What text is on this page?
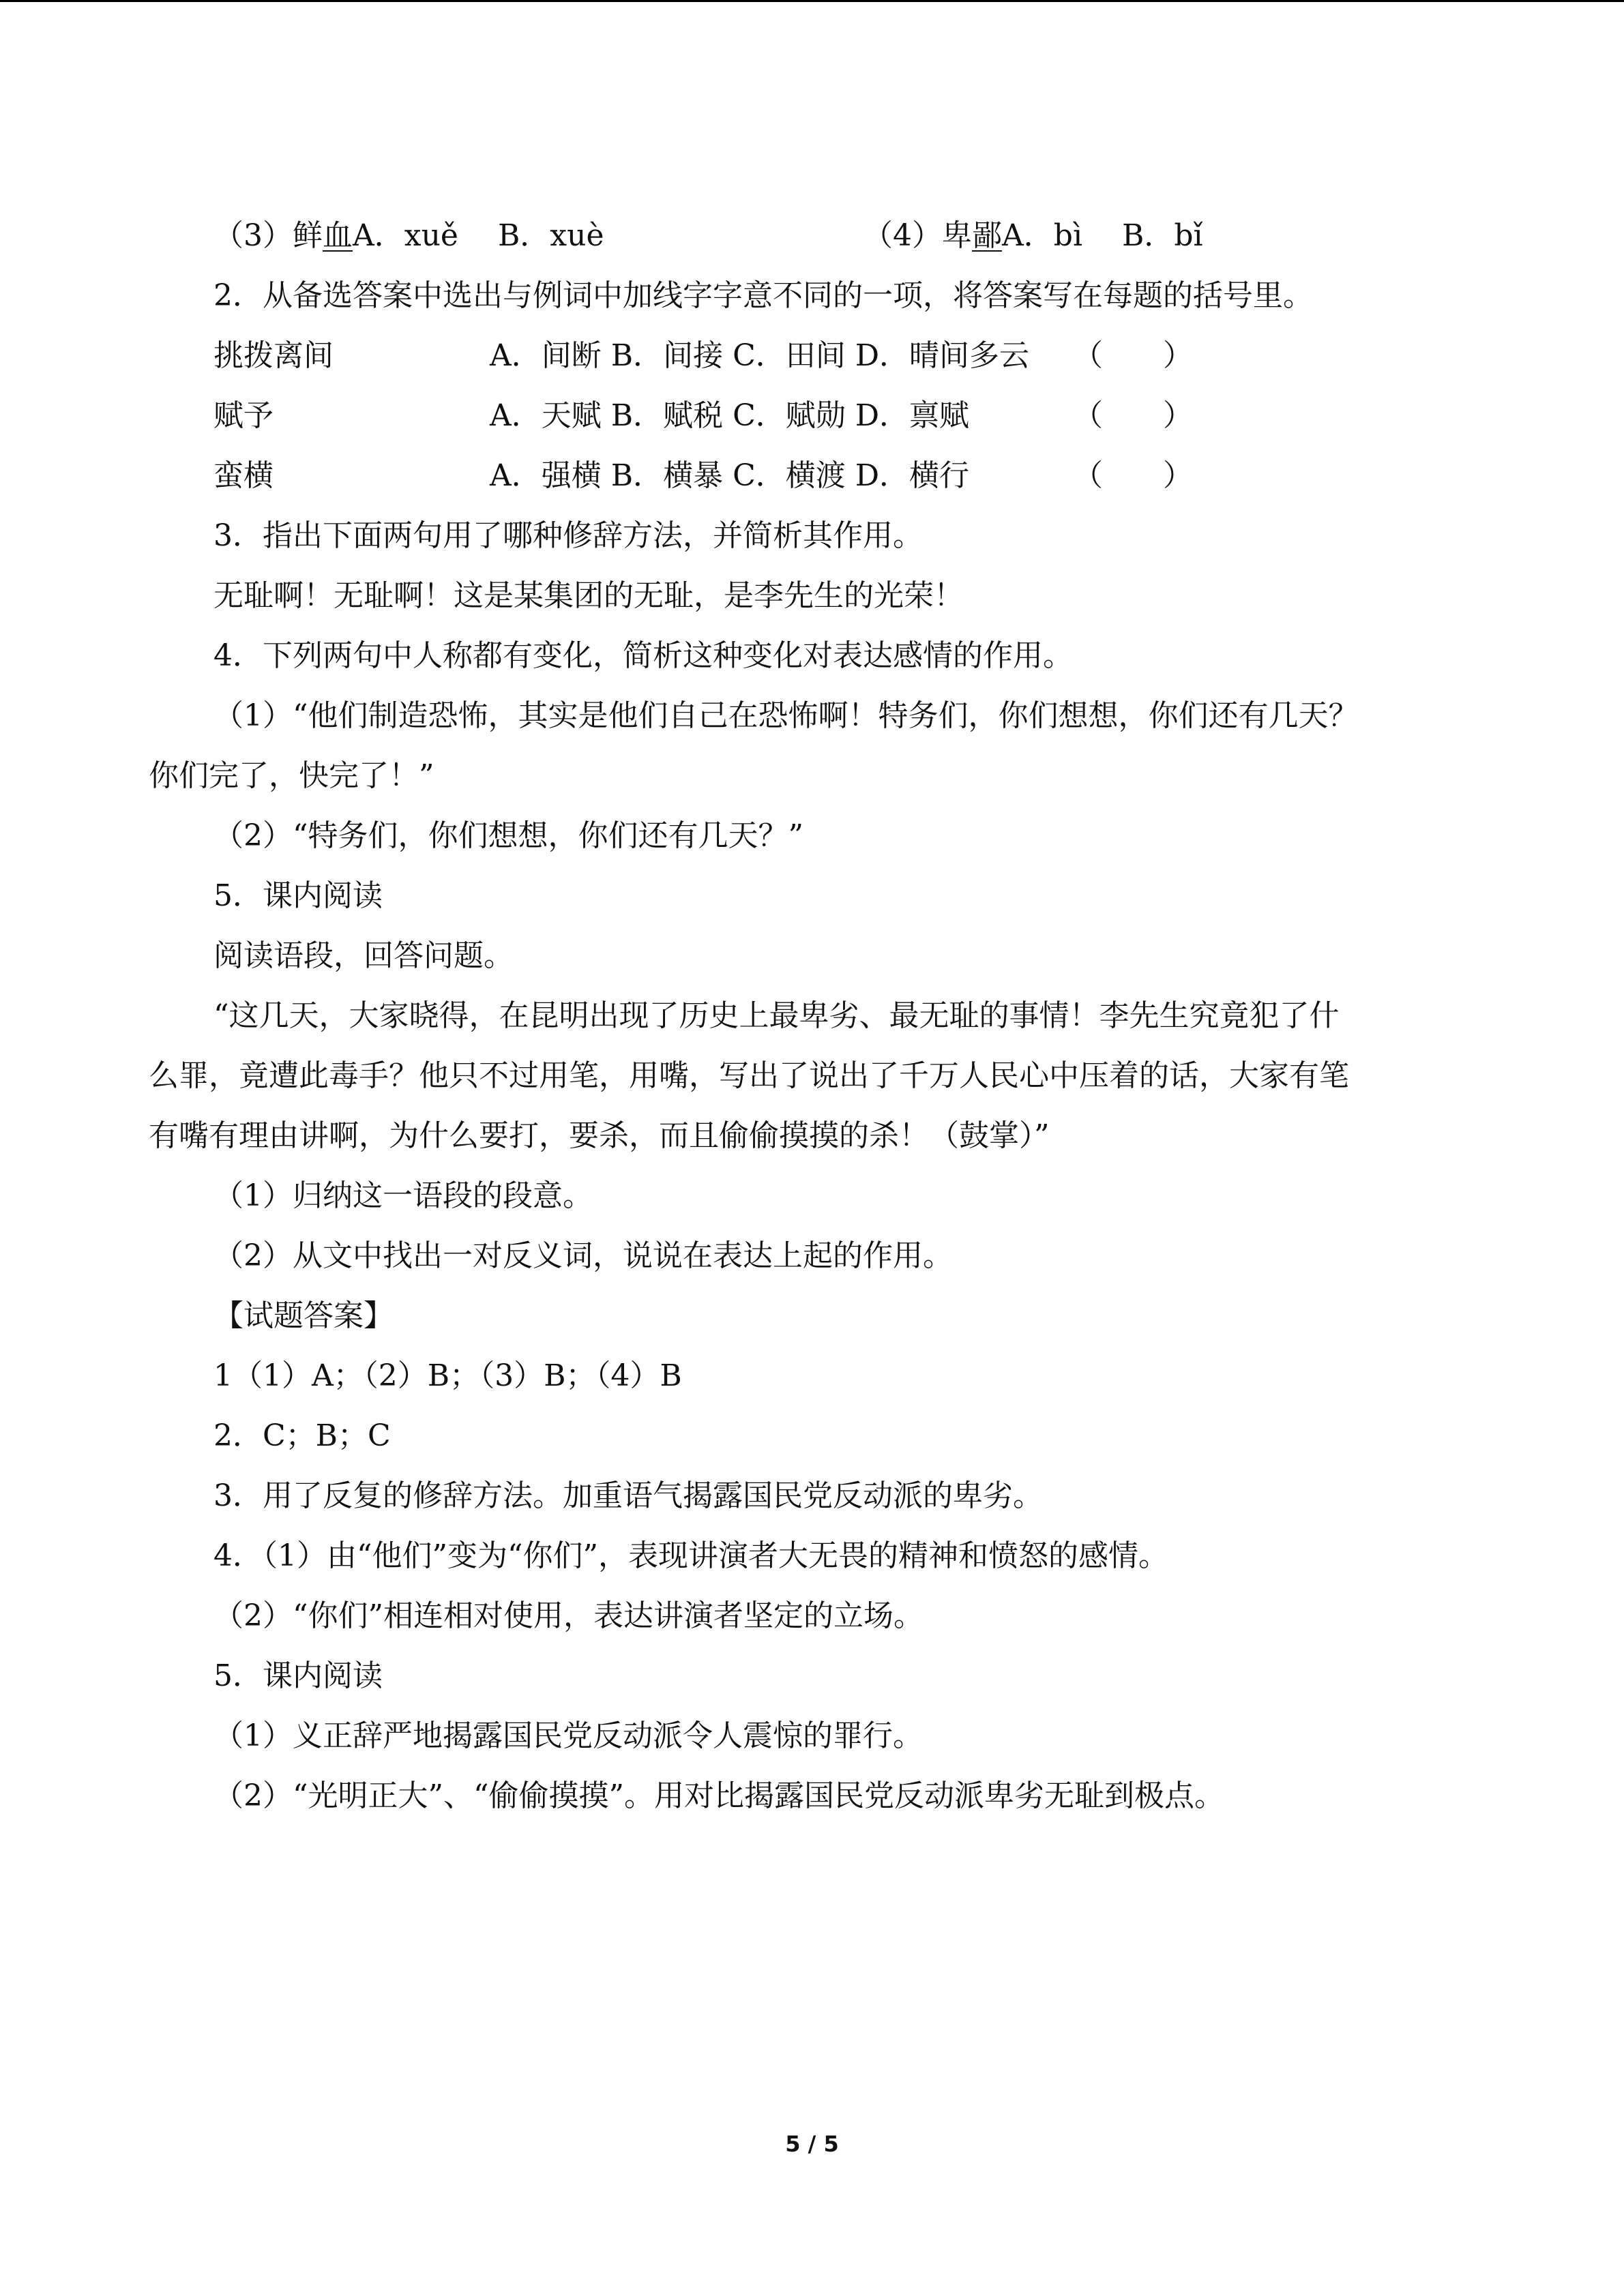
（3）鲜血A．xuě　 B．xuè	（4）卑鄙A．bì　 B．bǐ
2．从备选答案中选出与例词中加线字字意不同的一项，将答案写在每题的括号里。
挑拨离间	A．间断 B．间接 C．田间 D．晴间多云 （　　）
赋予	A．天赋 B．赋税 C．赋勋 D．禀赋	（　　）
蛮横	A．强横 B．横暴 C．横渡 D．横行	（　　）
3．指出下面两句用了哪种修辞方法，并简析其作用。
无耻啊！无耻啊！这是某集团的无耻，是李先生的光荣！
4．下列两句中人称都有变化，简析这种变化对表达感情的作用。
（1）“他们制造恐怖，其实是他们自己在恐怖啊！特务们，你们想想，你们还有几天？
你们完了，快完了！”
（2）“特务们，你们想想，你们还有几天？”
5．课内阅读
阅读语段，回答问题。
“这几天，大家晓得，在昆明出现了历史上最卑劣、最无耻的事情！李先生究竟犯了什
么罪，竟遭此毒手？他只不过用笔，用嘴，写出了说出了千万人民心中压着的话，大家有笔
有嘴有理由讲啊，为什么要打，要杀，而且偷偷摸摸的杀！（鼓掌）”
（1）归纳这一语段的段意。
（2）从文中找出一对反义词，说说在表达上起的作用。
【试题答案】
1（1）A；（2）B；（3）B；（4）B
2．C；B；C
3．用了反复的修辞方法。加重语气揭露国民党反动派的卑劣。
4．（1）由“他们”变为“你们”，表现讲演者大无畏的精神和愤怒的感情。
（2）“你们”相连相对使用，表达讲演者坚定的立场。
5．课内阅读
（1）义正辞严地揭露国民党反动派令人震惊的罪行。
（2）“光明正大”、“偷偷摸摸”。用对比揭露国民党反动派卑劣无耻到极点。
5 / 5
